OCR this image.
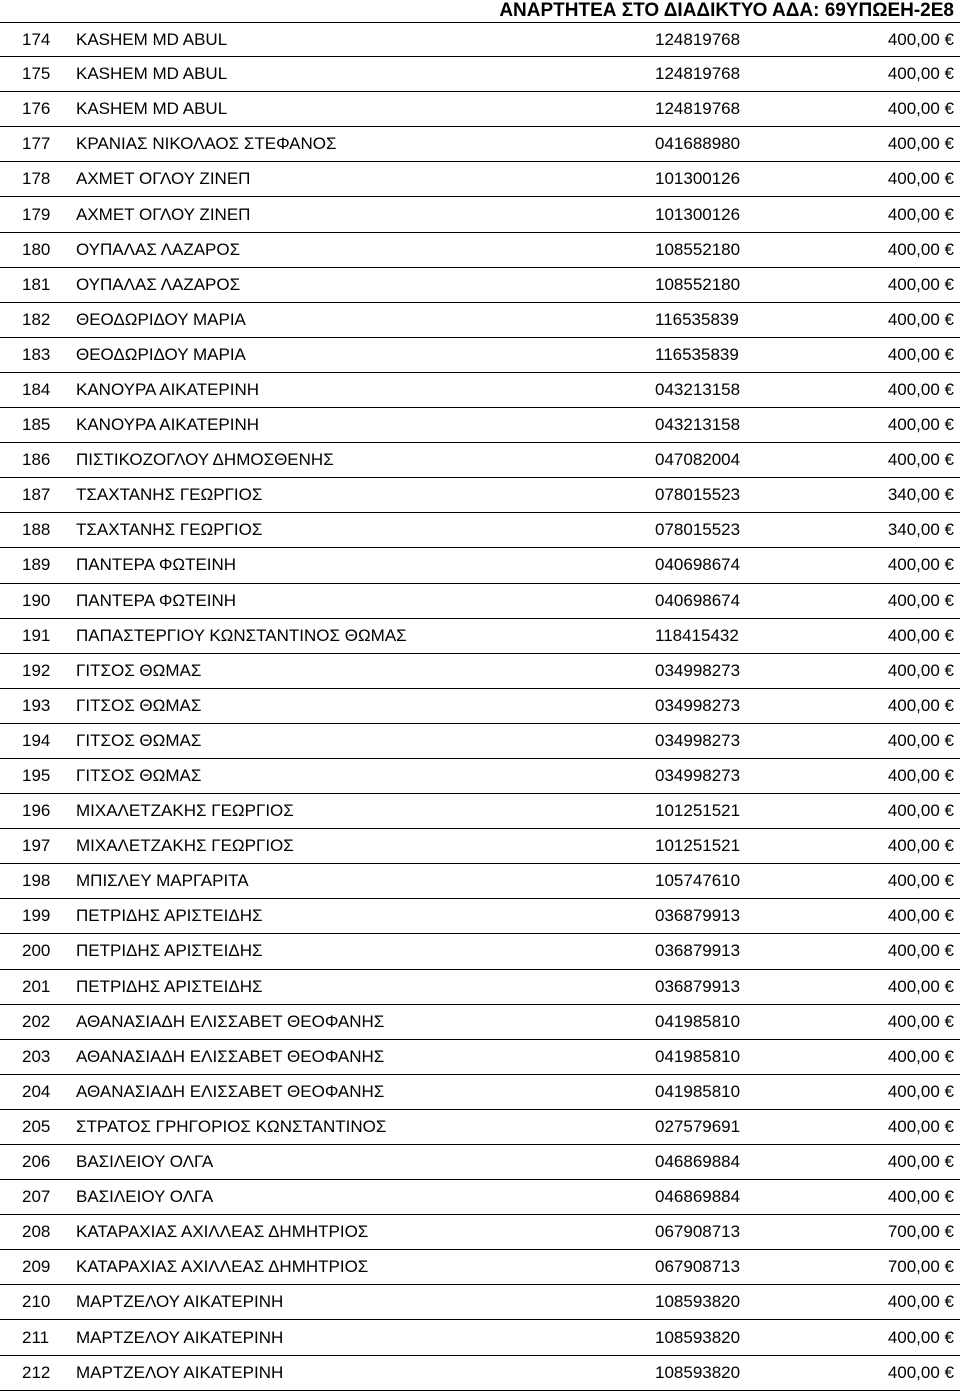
ΑΝΑΡΤΗΤΕΑ ΣΤΟ ΔΙΑΔΙΚΤΥΟ ΑΔΑ: 69ΥΠΩΕΗ-2Ε8
174 KASHEM MD ABUL	124819768	400,00 €
175 KASHEM MD ABUL	124819768	400,00 €
176 KASHEM MD ABUL	124819768	400,00 €
177 ΚΡΑΝΙΑΣ ΝΙΚΟΛΑΟΣ ΣΤΕΦΑΝΟΣ	041688980	400,00 €
178 ΑΧΜΕΤ ΟΓΛΟΥ ΖΙΝΕΠ	101300126	400,00 €
179 ΑΧΜΕΤ ΟΓΛΟΥ ΖΙΝΕΠ	101300126	400,00 €
180 ΟΥΠΑΛΑΣ ΛΑΖΑΡΟΣ	108552180	400,00 €
181 ΟΥΠΑΛΑΣ ΛΑΖΑΡΟΣ	108552180	400,00 €
182 ΘΕΟΔΩΡΙΔΟΥ ΜΑΡΙΑ	116535839	400,00 €
183 ΘΕΟΔΩΡΙΔΟΥ ΜΑΡΙΑ	116535839	400,00 €
184 ΚΑΝΟΥΡΑ ΑΙΚΑΤΕΡΙΝΗ	043213158	400,00 €
185 ΚΑΝΟΥΡΑ ΑΙΚΑΤΕΡΙΝΗ	043213158	400,00 €
186 ΠΙΣΤΙΚΟΖΟΓΛΟΥ ΔΗΜΟΣΘΕΝΗΣ	047082004	400,00 €
187 ΤΣΑΧΤΑΝΗΣ ΓΕΩΡΓΙΟΣ	078015523	340,00 €
188 ΤΣΑΧΤΑΝΗΣ ΓΕΩΡΓΙΟΣ	078015523	340,00 €
189 ΠΑΝΤΕΡΑ ΦΩΤΕΙΝΗ	040698674	400,00 €
190 ΠΑΝΤΕΡΑ ΦΩΤΕΙΝΗ	040698674	400,00 €
191 ΠΑΠΑΣΤΕΡΓΙΟΥ ΚΩΝΣΤΑΝΤΙΝΟΣ ΘΩΜΑΣ	118415432	400,00 €
192 ΓΙΤΣΟΣ ΘΩΜΑΣ	034998273	400,00 €
193 ΓΙΤΣΟΣ ΘΩΜΑΣ	034998273	400,00 €
194 ΓΙΤΣΟΣ ΘΩΜΑΣ	034998273	400,00 €
195 ΓΙΤΣΟΣ ΘΩΜΑΣ	034998273	400,00 €
196 ΜΙΧΑΛΕΤΖΑΚΗΣ ΓΕΩΡΓΙΟΣ	101251521	400,00 €
197 ΜΙΧΑΛΕΤΖΑΚΗΣ ΓΕΩΡΓΙΟΣ	101251521	400,00 €
198 ΜΠΙΣΛΕΥ ΜΑΡΓΑΡΙΤΑ	105747610	400,00 €
199 ΠΕΤΡΙΔΗΣ ΑΡΙΣΤΕΙΔΗΣ	036879913	400,00 €
200 ΠΕΤΡΙΔΗΣ ΑΡΙΣΤΕΙΔΗΣ	036879913	400,00 €
201 ΠΕΤΡΙΔΗΣ ΑΡΙΣΤΕΙΔΗΣ	036879913	400,00 €
202 ΑΘΑΝΑΣΙΑΔΗ ΕΛΙΣΣΑΒΕΤ ΘΕΟΦΑΝΗΣ	041985810	400,00 €
203 ΑΘΑΝΑΣΙΑΔΗ ΕΛΙΣΣΑΒΕΤ ΘΕΟΦΑΝΗΣ	041985810	400,00 €
204 ΑΘΑΝΑΣΙΑΔΗ ΕΛΙΣΣΑΒΕΤ ΘΕΟΦΑΝΗΣ	041985810	400,00 €
205 ΣΤΡΑΤΟΣ ΓΡΗΓΟΡΙΟΣ ΚΩΝΣΤΑΝΤΙΝΟΣ	027579691	400,00 €
206 ΒΑΣΙΛΕΙΟΥ ΟΛΓΑ	046869884	400,00 €
207 ΒΑΣΙΛΕΙΟΥ ΟΛΓΑ	046869884	400,00 €
208 ΚΑΤΑΡΑΧΙΑΣ ΑΧΙΛΛΕΑΣ ΔΗΜΗΤΡΙΟΣ	067908713	700,00 €
209 ΚΑΤΑΡΑΧΙΑΣ ΑΧΙΛΛΕΑΣ ΔΗΜΗΤΡΙΟΣ	067908713	700,00 €
210 ΜΑΡΤΖΕΛΟΥ ΑΙΚΑΤΕΡΙΝΗ	108593820	400,00 €
211 ΜΑΡΤΖΕΛΟΥ ΑΙΚΑΤΕΡΙΝΗ	108593820	400,00 €
212 ΜΑΡΤΖΕΛΟΥ ΑΙΚΑΤΕΡΙΝΗ	108593820	400,00 €
